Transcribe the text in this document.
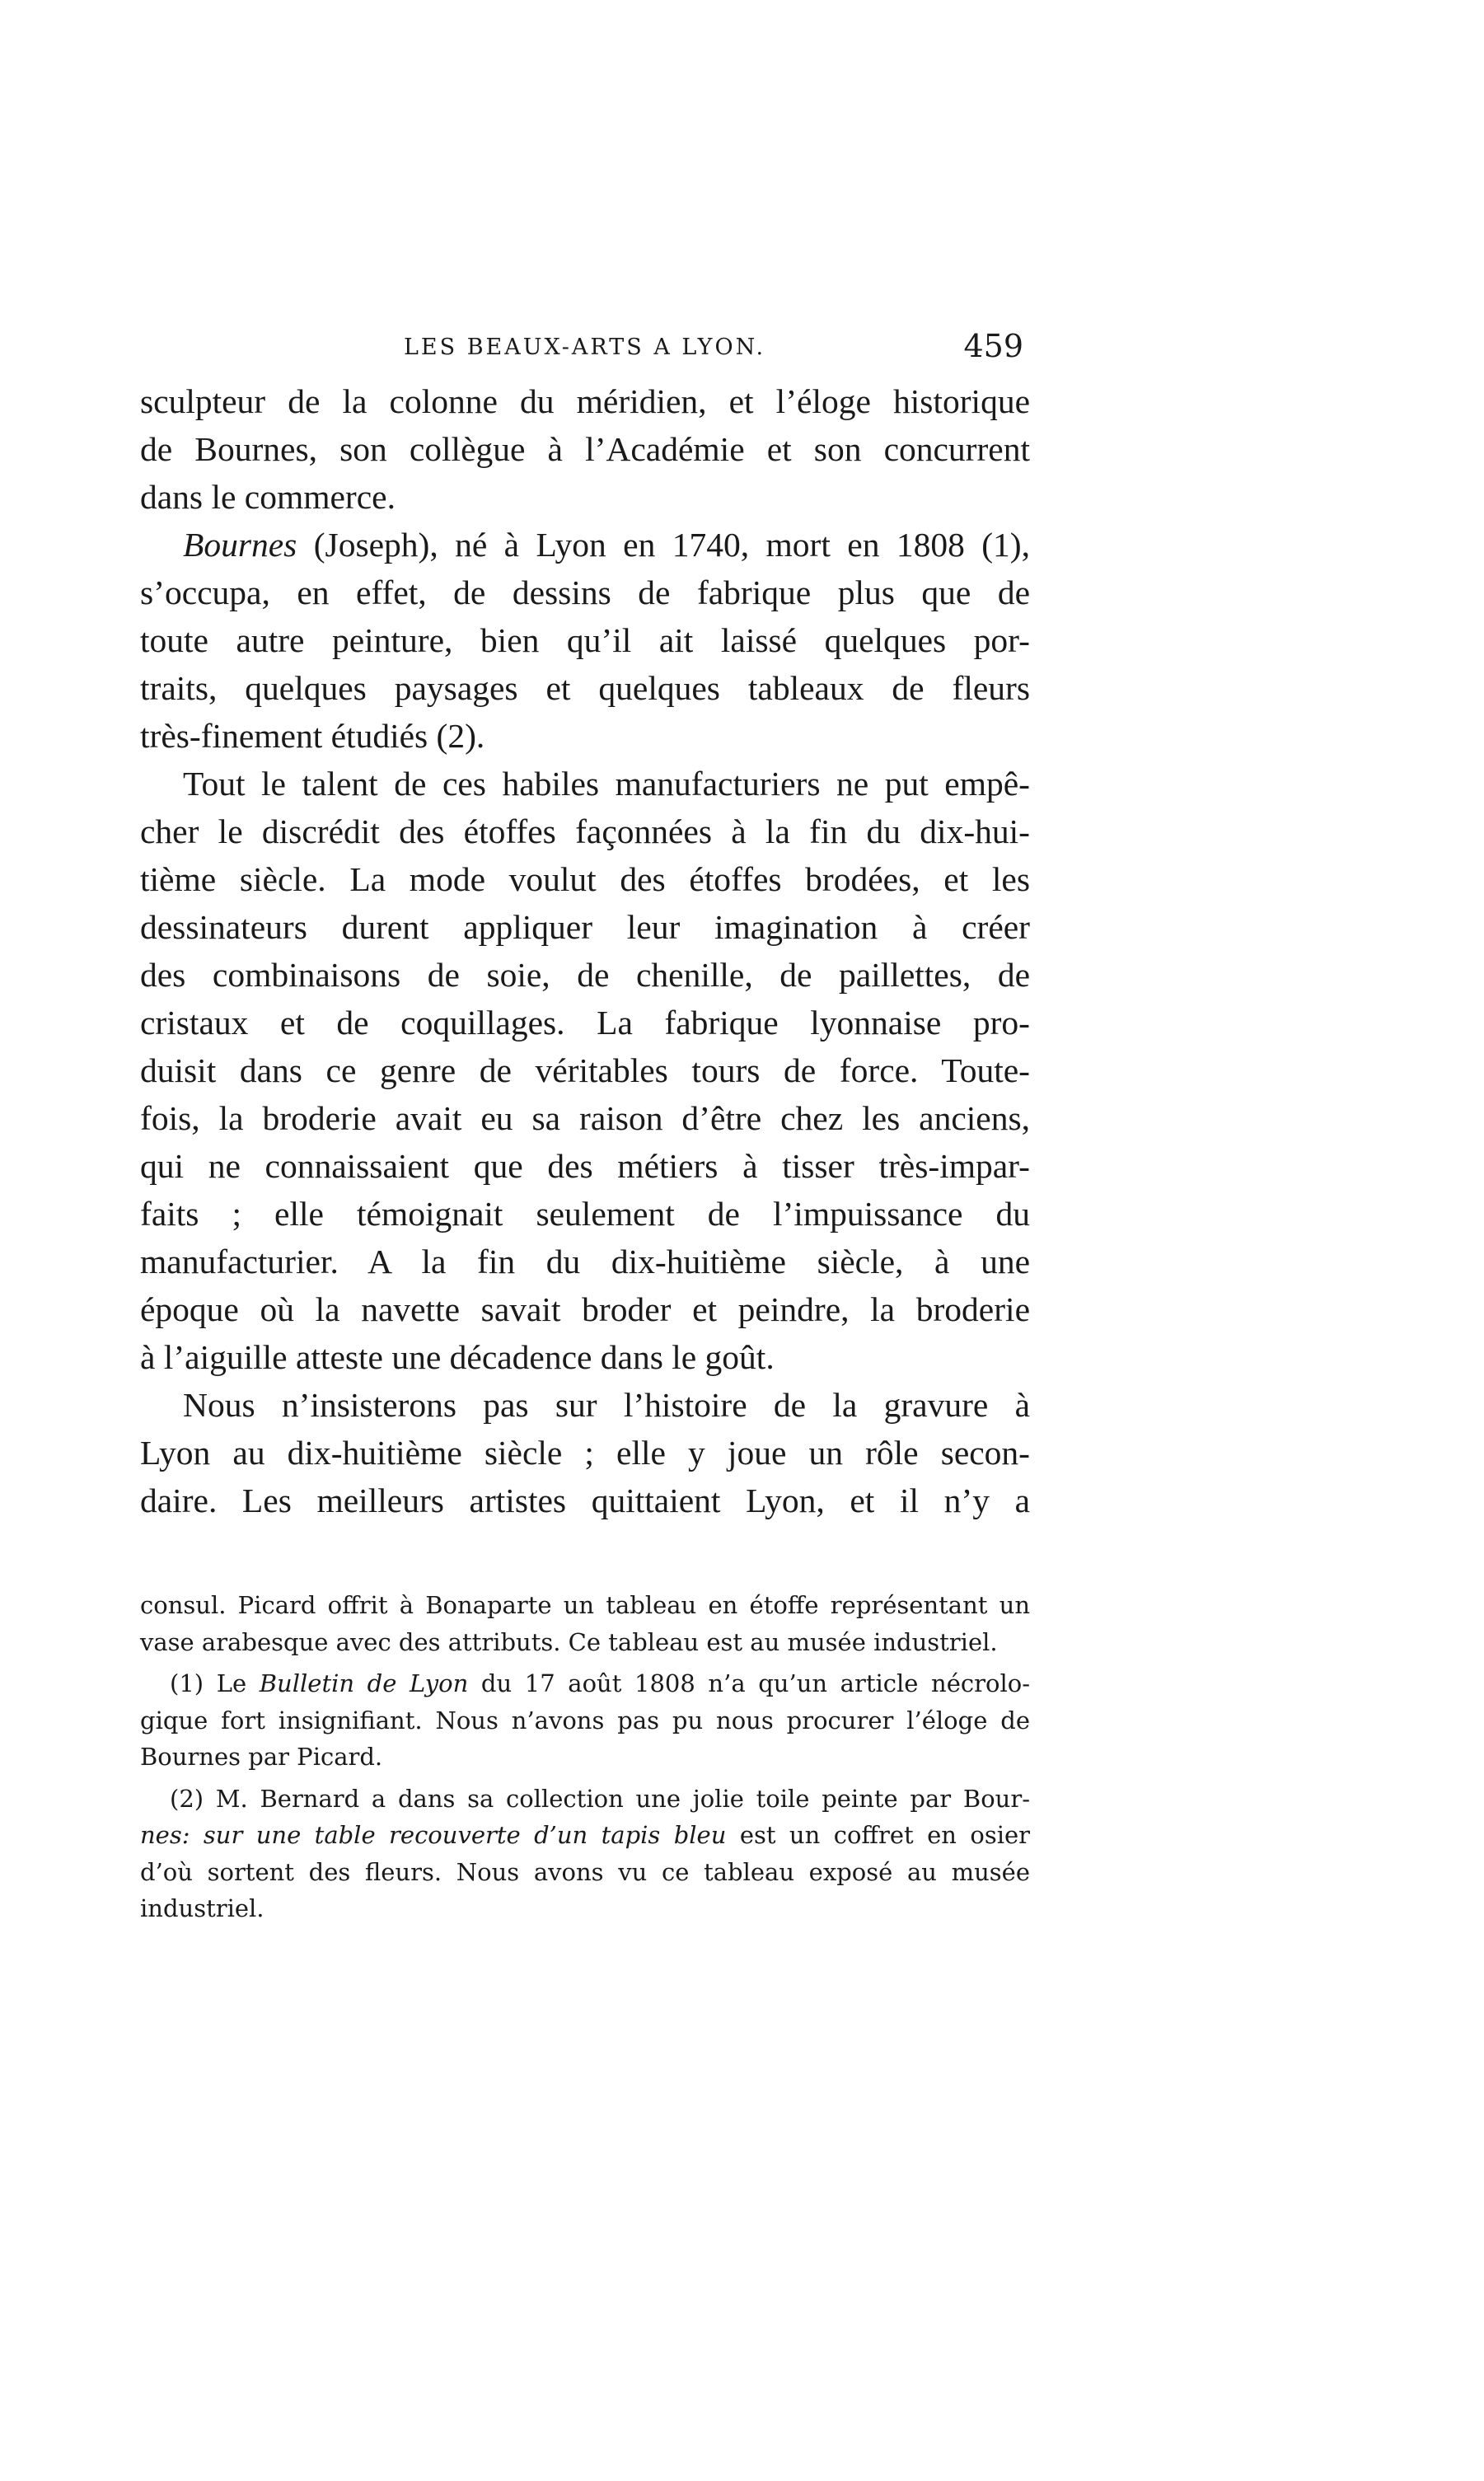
LES BEAUX-ARTS A LYON.	459
sculpteur de la colonne du méridien, et l’éloge historique
de Bournes, son collègue à l’Académie et son concurrent
dans le commerce.
Bournes (Joseph), né à Lyon en 1740, mort en 1808 (1),
s’occupa, en effet, de dessins de fabrique plus que de
toute autre peinture, bien qu’il ait laissé quelques por-
traits, quelques paysages et quelques tableaux de fleurs
très-finement étudiés (2).
Tout le talent de ces habiles manufacturiers ne put empê-
cher le discrédit des étoffes façonnées à la fin du dix-hui-
tième siècle. La mode voulut des étoffes brodées, et les
dessinateurs durent appliquer leur imagination à créer
des combinaisons de soie, de chenille, de paillettes, de
cristaux et de coquillages. La fabrique lyonnaise pro-
duisit dans ce genre de véritables tours de force. Toute-
fois, la broderie avait eu sa raison d’être chez les anciens,
qui ne connaissaient que des métiers à tisser très-impar-
faits ; elle témoignait seulement de l’impuissance du
manufacturier. A la fin du dix-huitième siècle, à une
époque où la navette savait broder et peindre, la broderie
à l’aiguille atteste une décadence dans le goût.
Nous n’insisterons pas sur l’histoire de la gravure à
Lyon au dix-huitième siècle ; elle y joue un rôle secon-
daire. Les meilleurs artistes quittaient Lyon, et il n’y a
consul. Picard offrit à Bonaparte un tableau en étoffe représentant un
vase arabesque avec des attributs. Ce tableau est au musée industriel.
(1) Le Bulletin de Lyon du 17 août 1808 n’a qu’un article nécrolo-
gique fort insignifiant. Nous n’avons pas pu nous procurer l’éloge de
Bournes par Picard.
(2) M. Bernard a dans sa collection une jolie toile peinte par Bour-
nes: sur une table recouverte d’un tapis bleu est un coffret en osier
d’où sortent des fleurs. Nous avons vu ce tableau exposé au musée
industriel.
